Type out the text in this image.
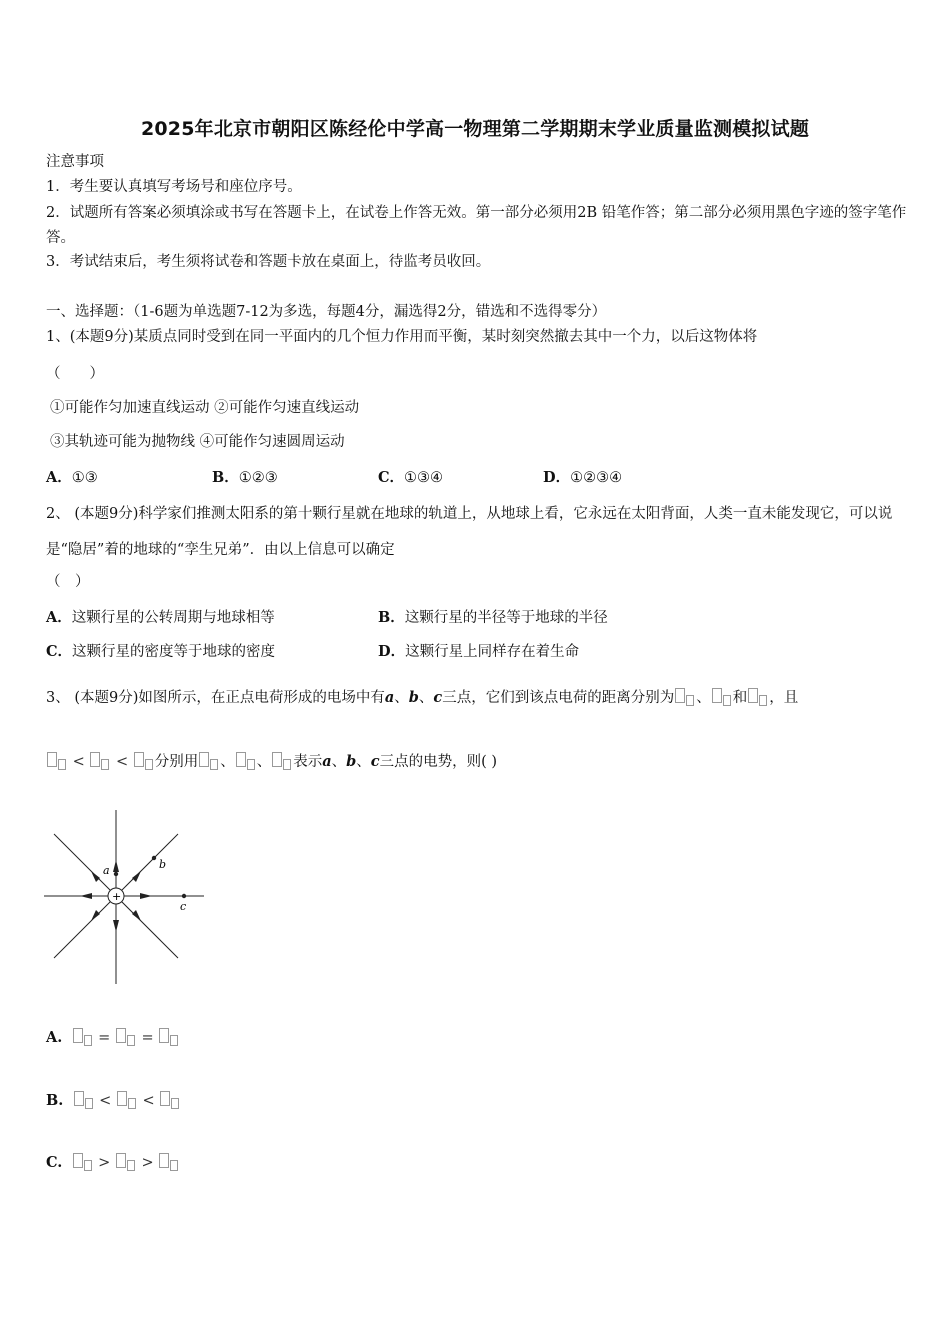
2025年北京市朝阳区陈经伦中学高一物理第二学期期末学业质量监测模拟试题
注意事项
1．考生要认真填写考场号和座位序号。
2．试题所有答案必须填涂或书写在答题卡上，在试卷上作答无效。第一部分必须用2B 铅笔作答；第二部分必须用黑色字迹的签字笔作答。
3．考试结束后，考生须将试卷和答题卡放在桌面上，待监考员收回。
一、选择题：（1-6题为单选题7-12为多选，每题4分，漏选得2分，错选和不选得零分）
1、(本题9分)某质点同时受到在同一平面内的几个恒力作用而平衡，某时刻突然撤去其中一个力，以后这物体将
（　　）
①可能作匀加速直线运动 ②可能作匀速直线运动
③其轨迹可能为抛物线 ④可能作匀速圆周运动
A．①③	B．①②③	C．①③④	D．①②③④
2、 (本题9分)科学家们推测太阳系的第十颗行星就在地球的轨道上，从地球上看，它永远在太阳背面，人类一直未能发现它，可以说是“隐居”着的地球的“孪生兄弟”．由以上信息可以确定
（　）
A．这颗行星的公转周期与地球相等	B．这颗行星的半径等于地球的半径
C．这颗行星的密度等于地球的密度	D．这颗行星上同样存在着生命
3、 (本题9分)如图所示，在正点电荷形成的电场中有a、b、c三点，它们到该点电荷的距离分别为 、 和 ，且
< < 分别用 、 、 表示a、b、c三点的电势，则( )
a	b
c
+
A. = =
B. < <
C. > >
